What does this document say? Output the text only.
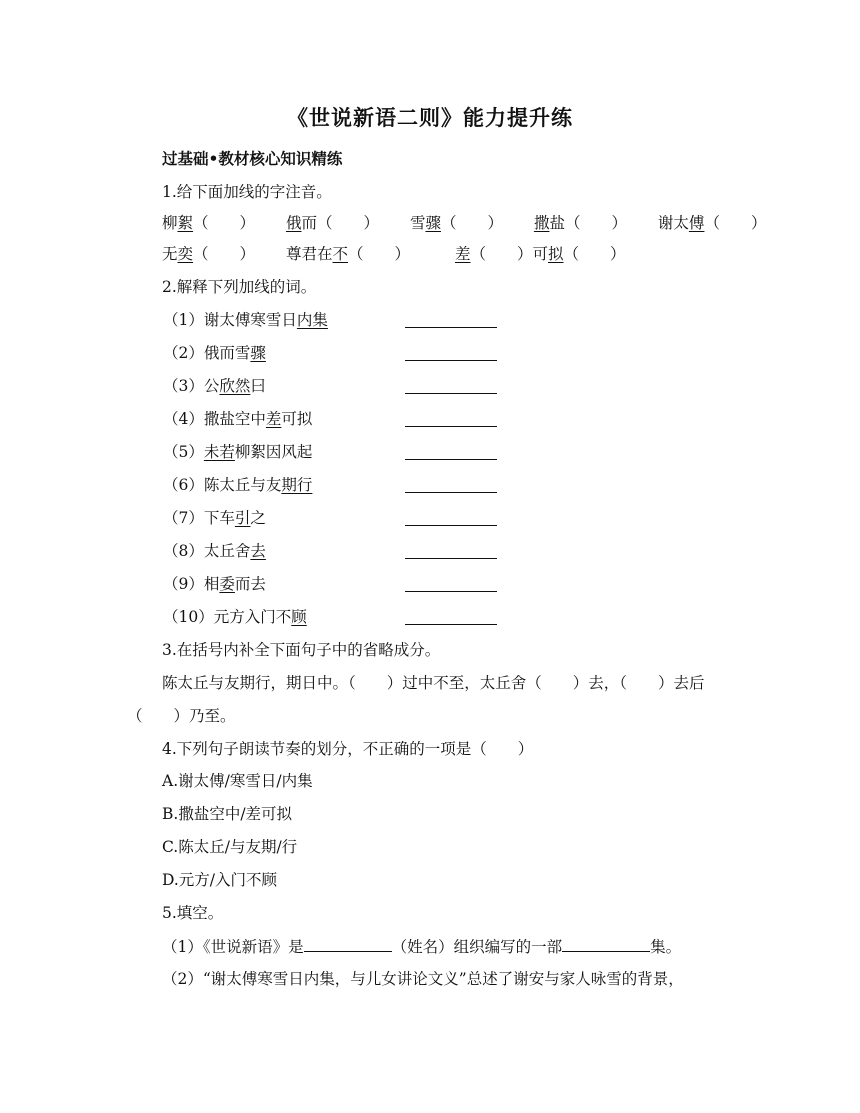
《世说新语二则》能力提升练
过基础•教材核心知识精练
1.给下面加线的字注音。
柳絮（　　） 俄而（　　） 雪骤（　　） 撒盐（　　） 谢太傅（　　）
无奕（　　） 尊君在不（　　）	差（　　）可拟（　　）
2.解释下列加线的词。
（1）谢太傅寒雪日内集
（2）俄而雪骤
（3）公欣然曰
（4）撒盐空中差可拟
（5）未若柳絮因风起
（6）陈太丘与友期行
（7）下车引之
（8）太丘舍去
（9）相委而去
（10）元方入门不顾
3.在括号内补全下面句子中的省略成分。
陈太丘与友期行，期日中。（　　）过中不至，太丘舍（　　）去，（　　）去后
（　　）乃至。
4.下列句子朗读节奏的划分，不正确的一项是（　　）
A.谢太傅/寒雪日/内集
B.撒盐空中/差可拟
C.陈太丘/与友期/行
D.元方/入门不顾
5.填空。
（1）《世说新语》是	（姓名）组织编写的一部	集。
（2）“谢太傅寒雪日内集，与儿女讲论文义”总述了谢安与家人咏雪的背景，
